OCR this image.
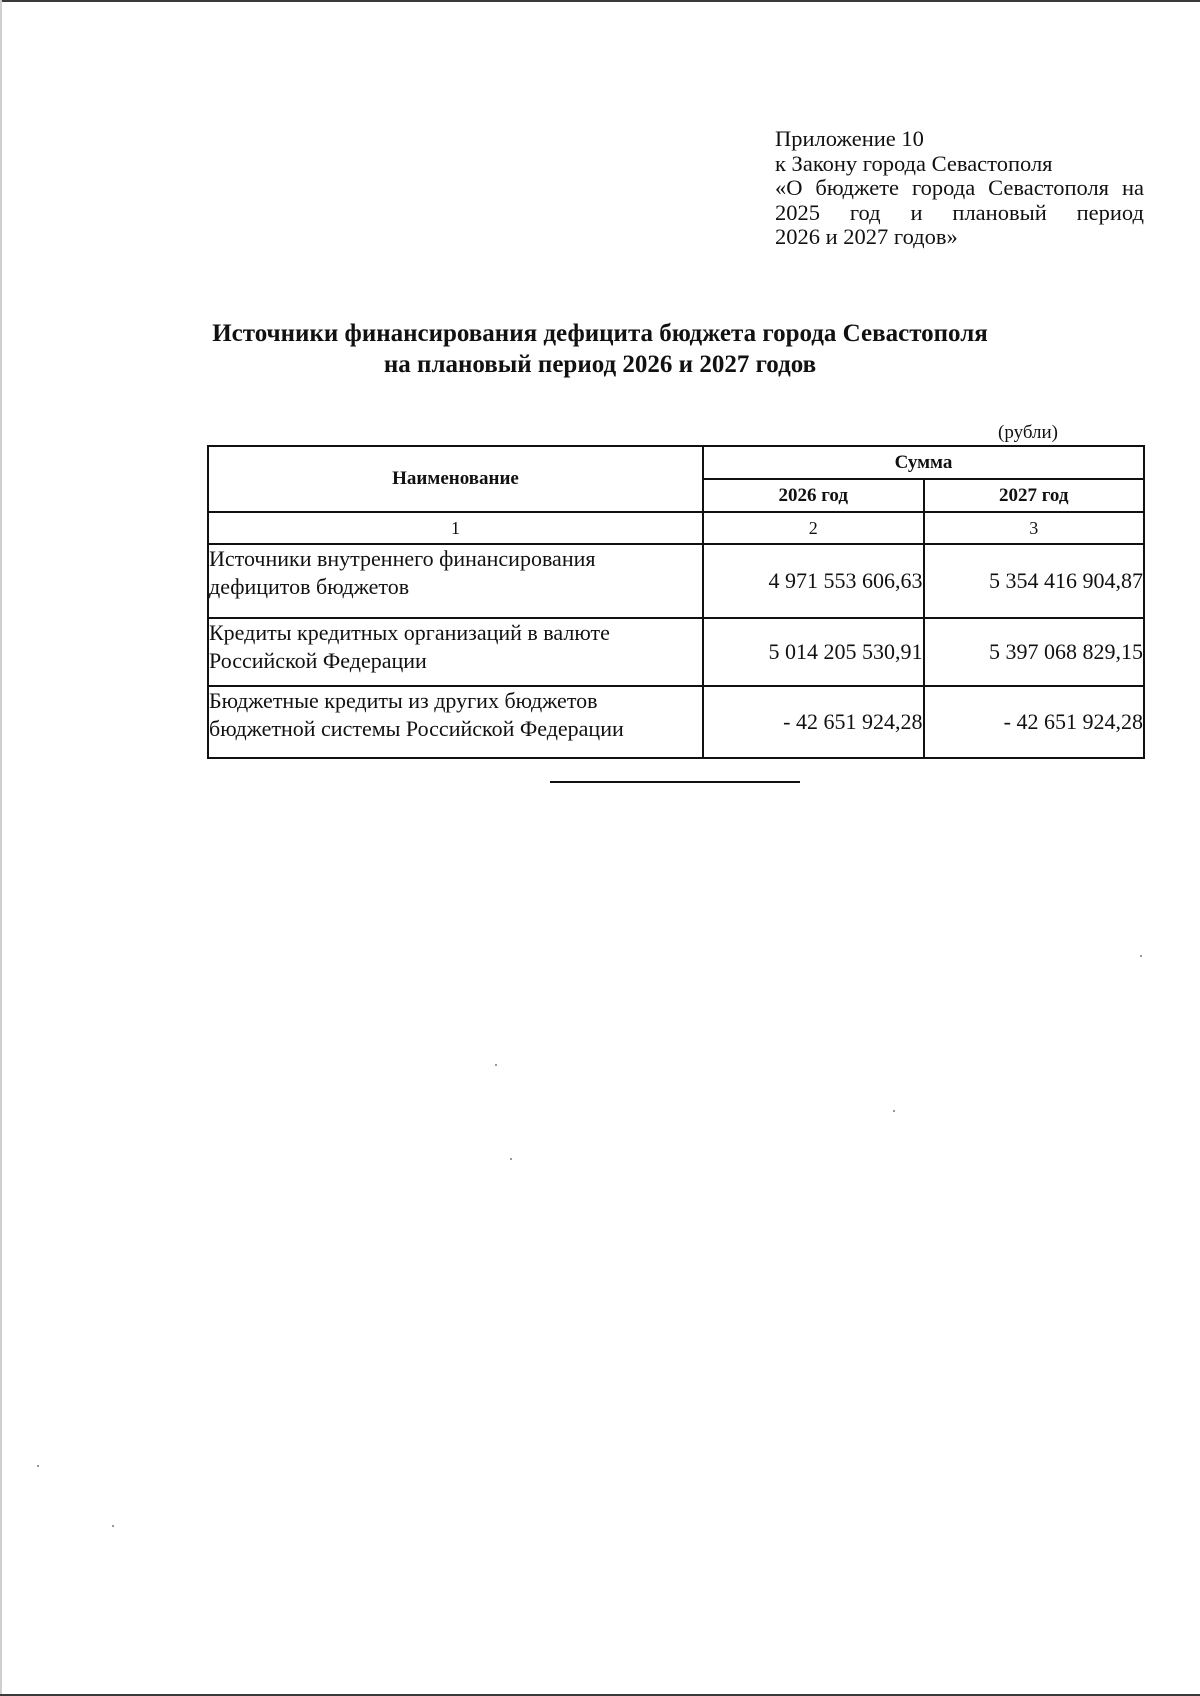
Приложение 10
к Закону города Севастополя
«О бюджете города Севастополя на 2025 год и плановый период
2026 и 2027 годов»
Источники финансирования дефицита бюджета города Севастополя
на плановый период 2026 и 2027 годов
(рубли)
Наименование	Сумма	
	2026 год	2027 год
1	2	3
Источники внутреннего финансирования дефицитов бюджетов	4 971 553 606,63	5 354 416 904,87
Кредиты кредитных организаций в валюте Российской Федерации	5 014 205 530,91	5 397 068 829,15
Бюджетные кредиты из других бюджетов бюджетной системы Российской Федерации	- 42 651 924,28	- 42 651 924,28
